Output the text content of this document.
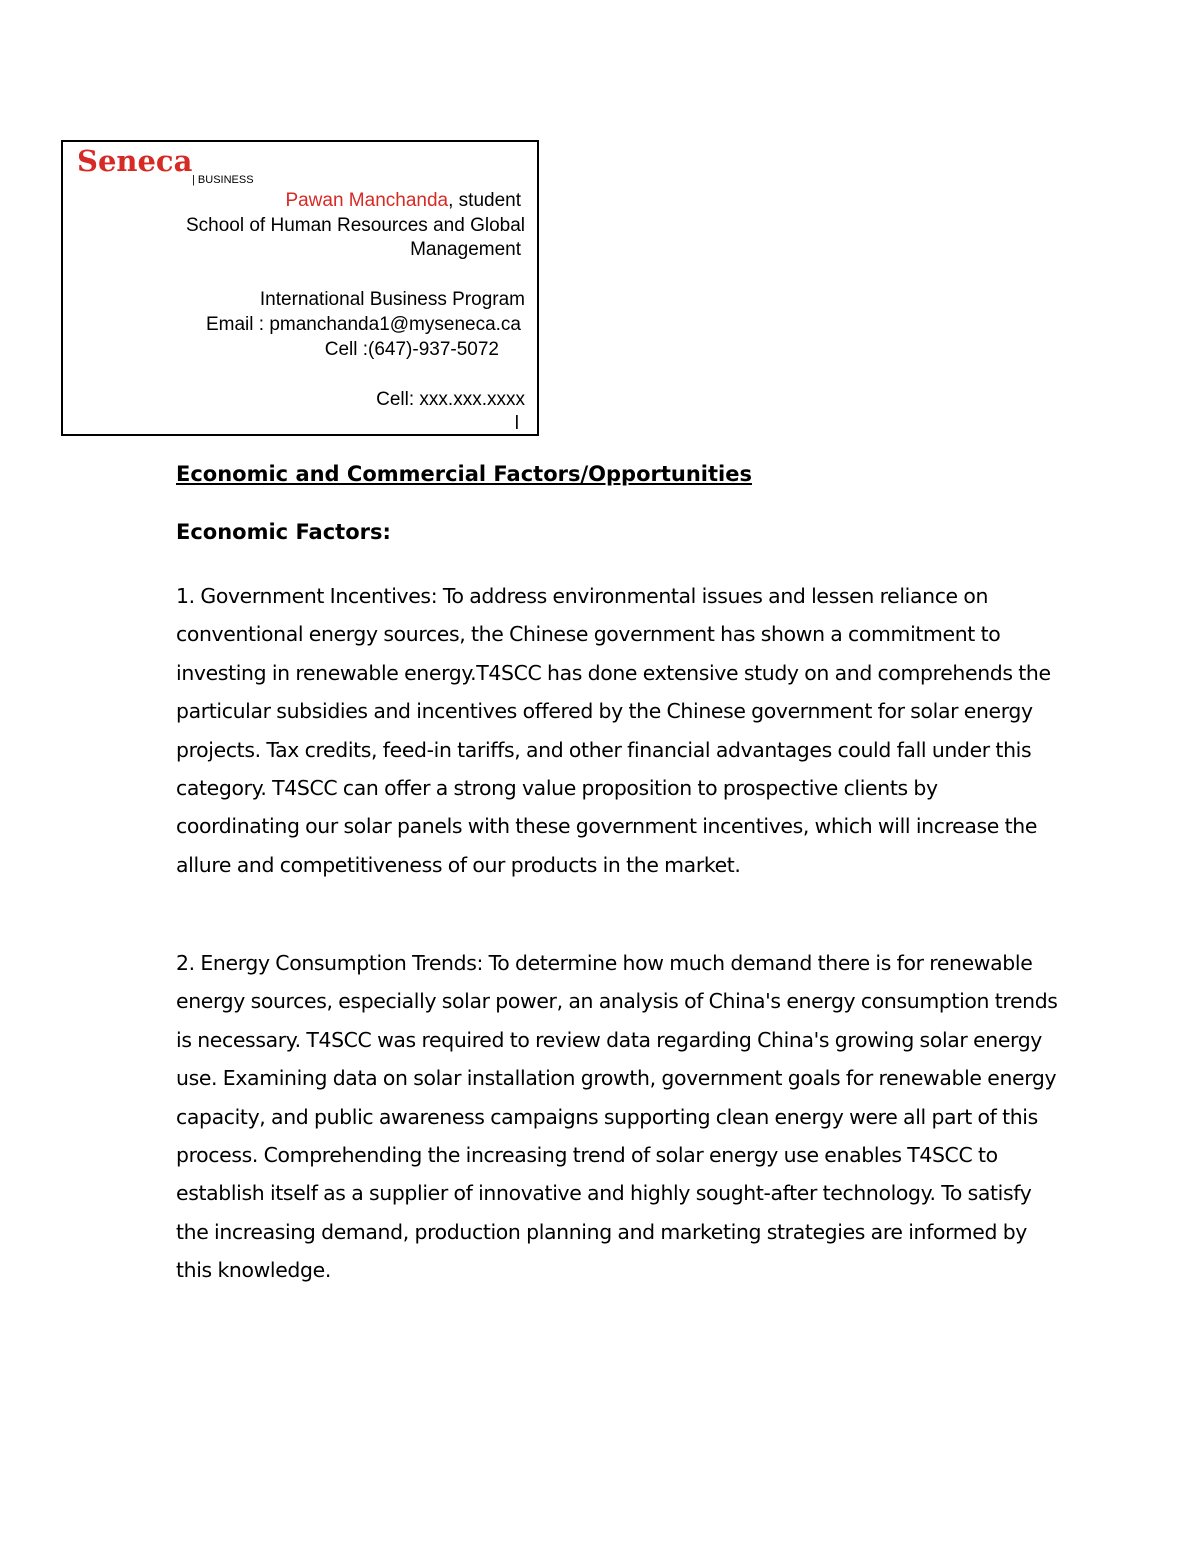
Seneca
| BUSINESS
Pawan Manchanda, student
School of Human Resources and Global
Management
International Business Program
Email : pmanchanda1@myseneca.ca
Cell :(647)-937-5072
Cell: xxx.xxx.xxxx
l
Economic and Commercial Factors/Opportunities
Economic Factors:
1. Government Incentives: To address environmental issues and lessen reliance on conventional energy sources, the Chinese government has shown a commitment to investing in renewable energy.T4SCC has done extensive study on and comprehends the particular subsidies and incentives offered by the Chinese government for solar energy projects. Tax credits, feed-in tariffs, and other financial advantages could fall under this category. T4SCC can offer a strong value proposition to prospective clients by coordinating our solar panels with these government incentives, which will increase the allure and competitiveness of our products in the market.
2. Energy Consumption Trends: To determine how much demand there is for renewable energy sources, especially solar power, an analysis of China's energy consumption trends is necessary. T4SCC was required to review data regarding China's growing solar energy use. Examining data on solar installation growth, government goals for renewable energy capacity, and public awareness campaigns supporting clean energy were all part of this process. Comprehending the increasing trend of solar energy use enables T4SCC to establish itself as a supplier of innovative and highly sought-after technology. To satisfy the increasing demand, production planning and marketing strategies are informed by this knowledge.
